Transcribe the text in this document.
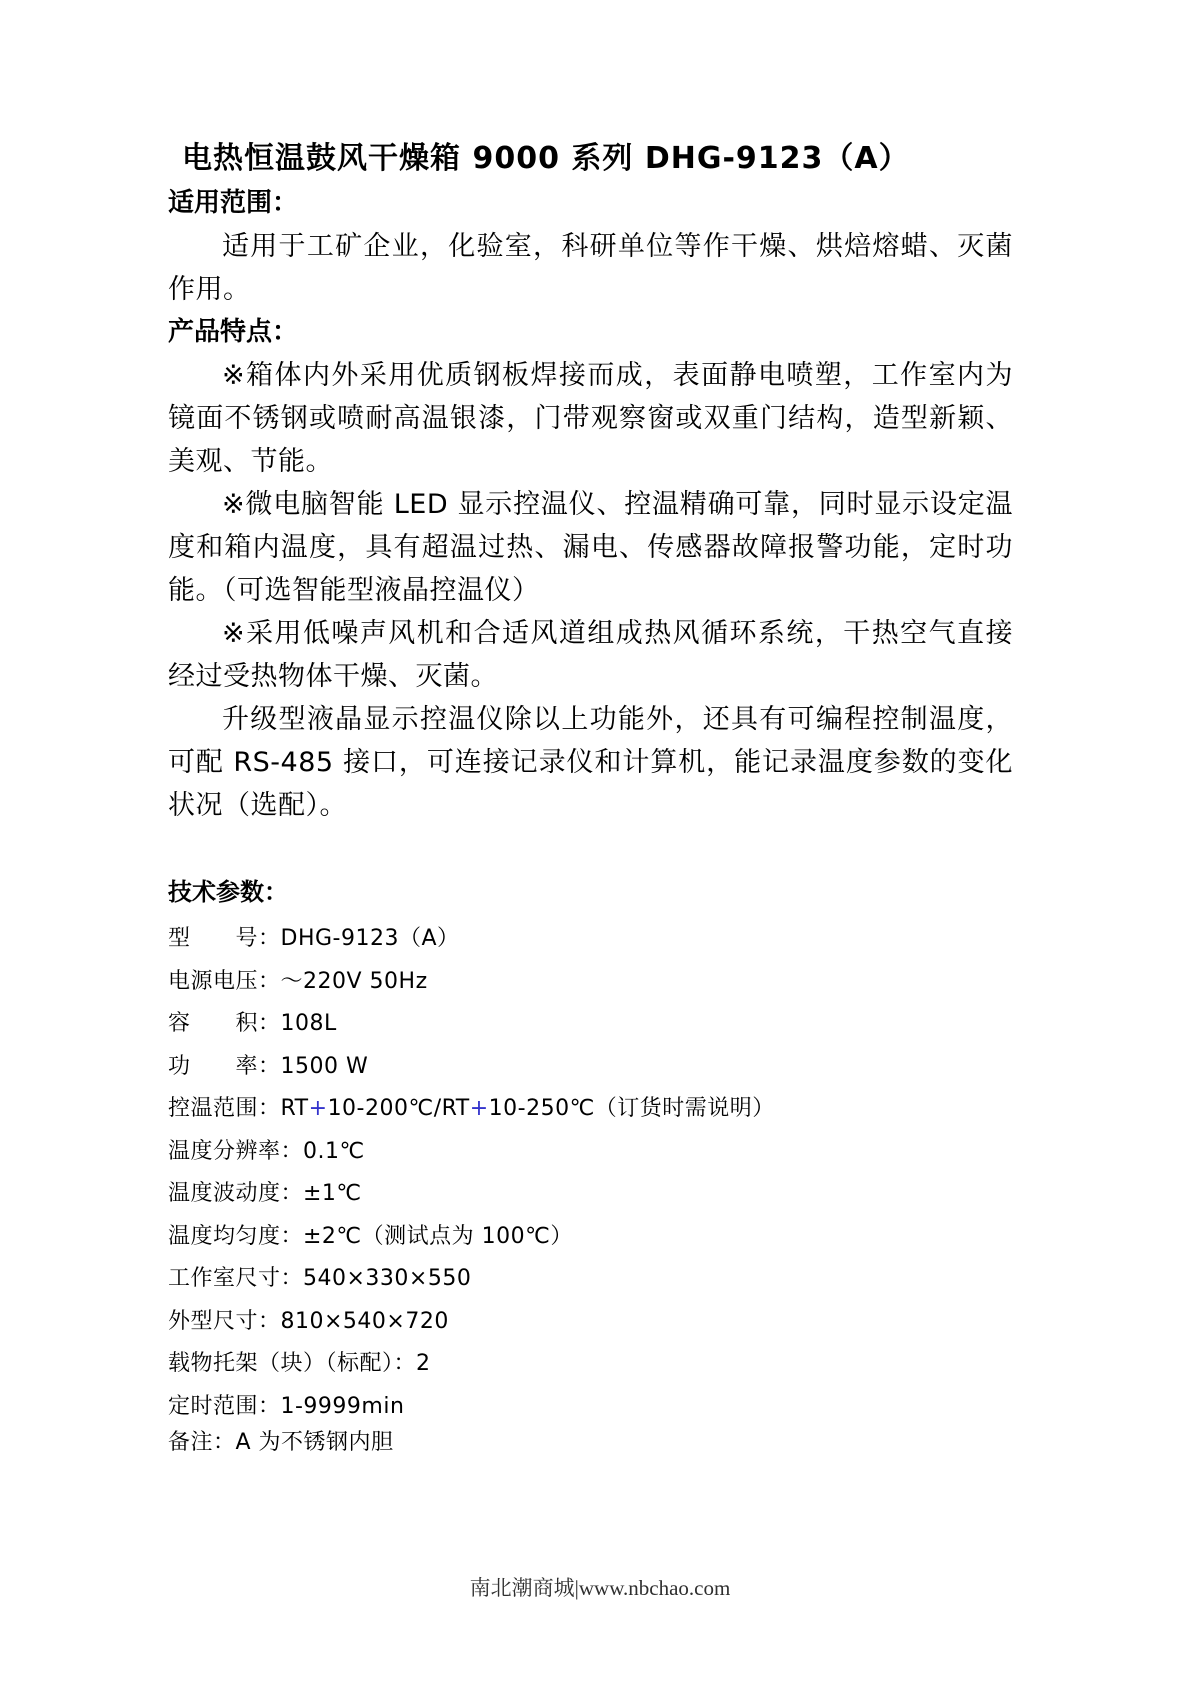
电热恒温鼓风干燥箱 9000 系列 DHG-9123（A）
适用范围：

适用于工矿企业，化验室，科研单位等作干燥、烘焙熔蜡、灭菌作用。

产品特点：

※箱体内外采用优质钢板焊接而成，表面静电喷塑，工作室内为镜面不锈钢或喷耐高温银漆，门带观察窗或双重门结构，造型新颖、美观、节能。

※微电脑智能 LED 显示控温仪、控温精确可靠，同时显示设定温度和箱内温度，具有超温过热、漏电、传感器故障报警功能，定时功能。（可选智能型液晶控温仪）

※采用低噪声风机和合适风道组成热风循环系统，干热空气直接经过受热物体干燥、灭菌。

升级型液晶显示控温仪除以上功能外，还具有可编程控制温度，可配 RS-485 接口，可连接记录仪和计算机，能记录温度参数的变化状况（选配）。

技术参数：
型　　号：DHG-9123（A）
电源电压：～220V 50Hz
容　　积：108L
功　　率：1500 W
控温范围：RT+10-200℃/RT+10-250℃（订货时需说明）
温度分辨率：0.1℃
温度波动度：±1℃
温度均匀度：±2℃（测试点为 100℃）
工作室尺寸：540×330×550
外型尺寸：810×540×720
载物托架（块）（标配）：2
定时范围：1-9999min
备注：A 为不锈钢内胆
南北潮商城|www.nbchao.com
